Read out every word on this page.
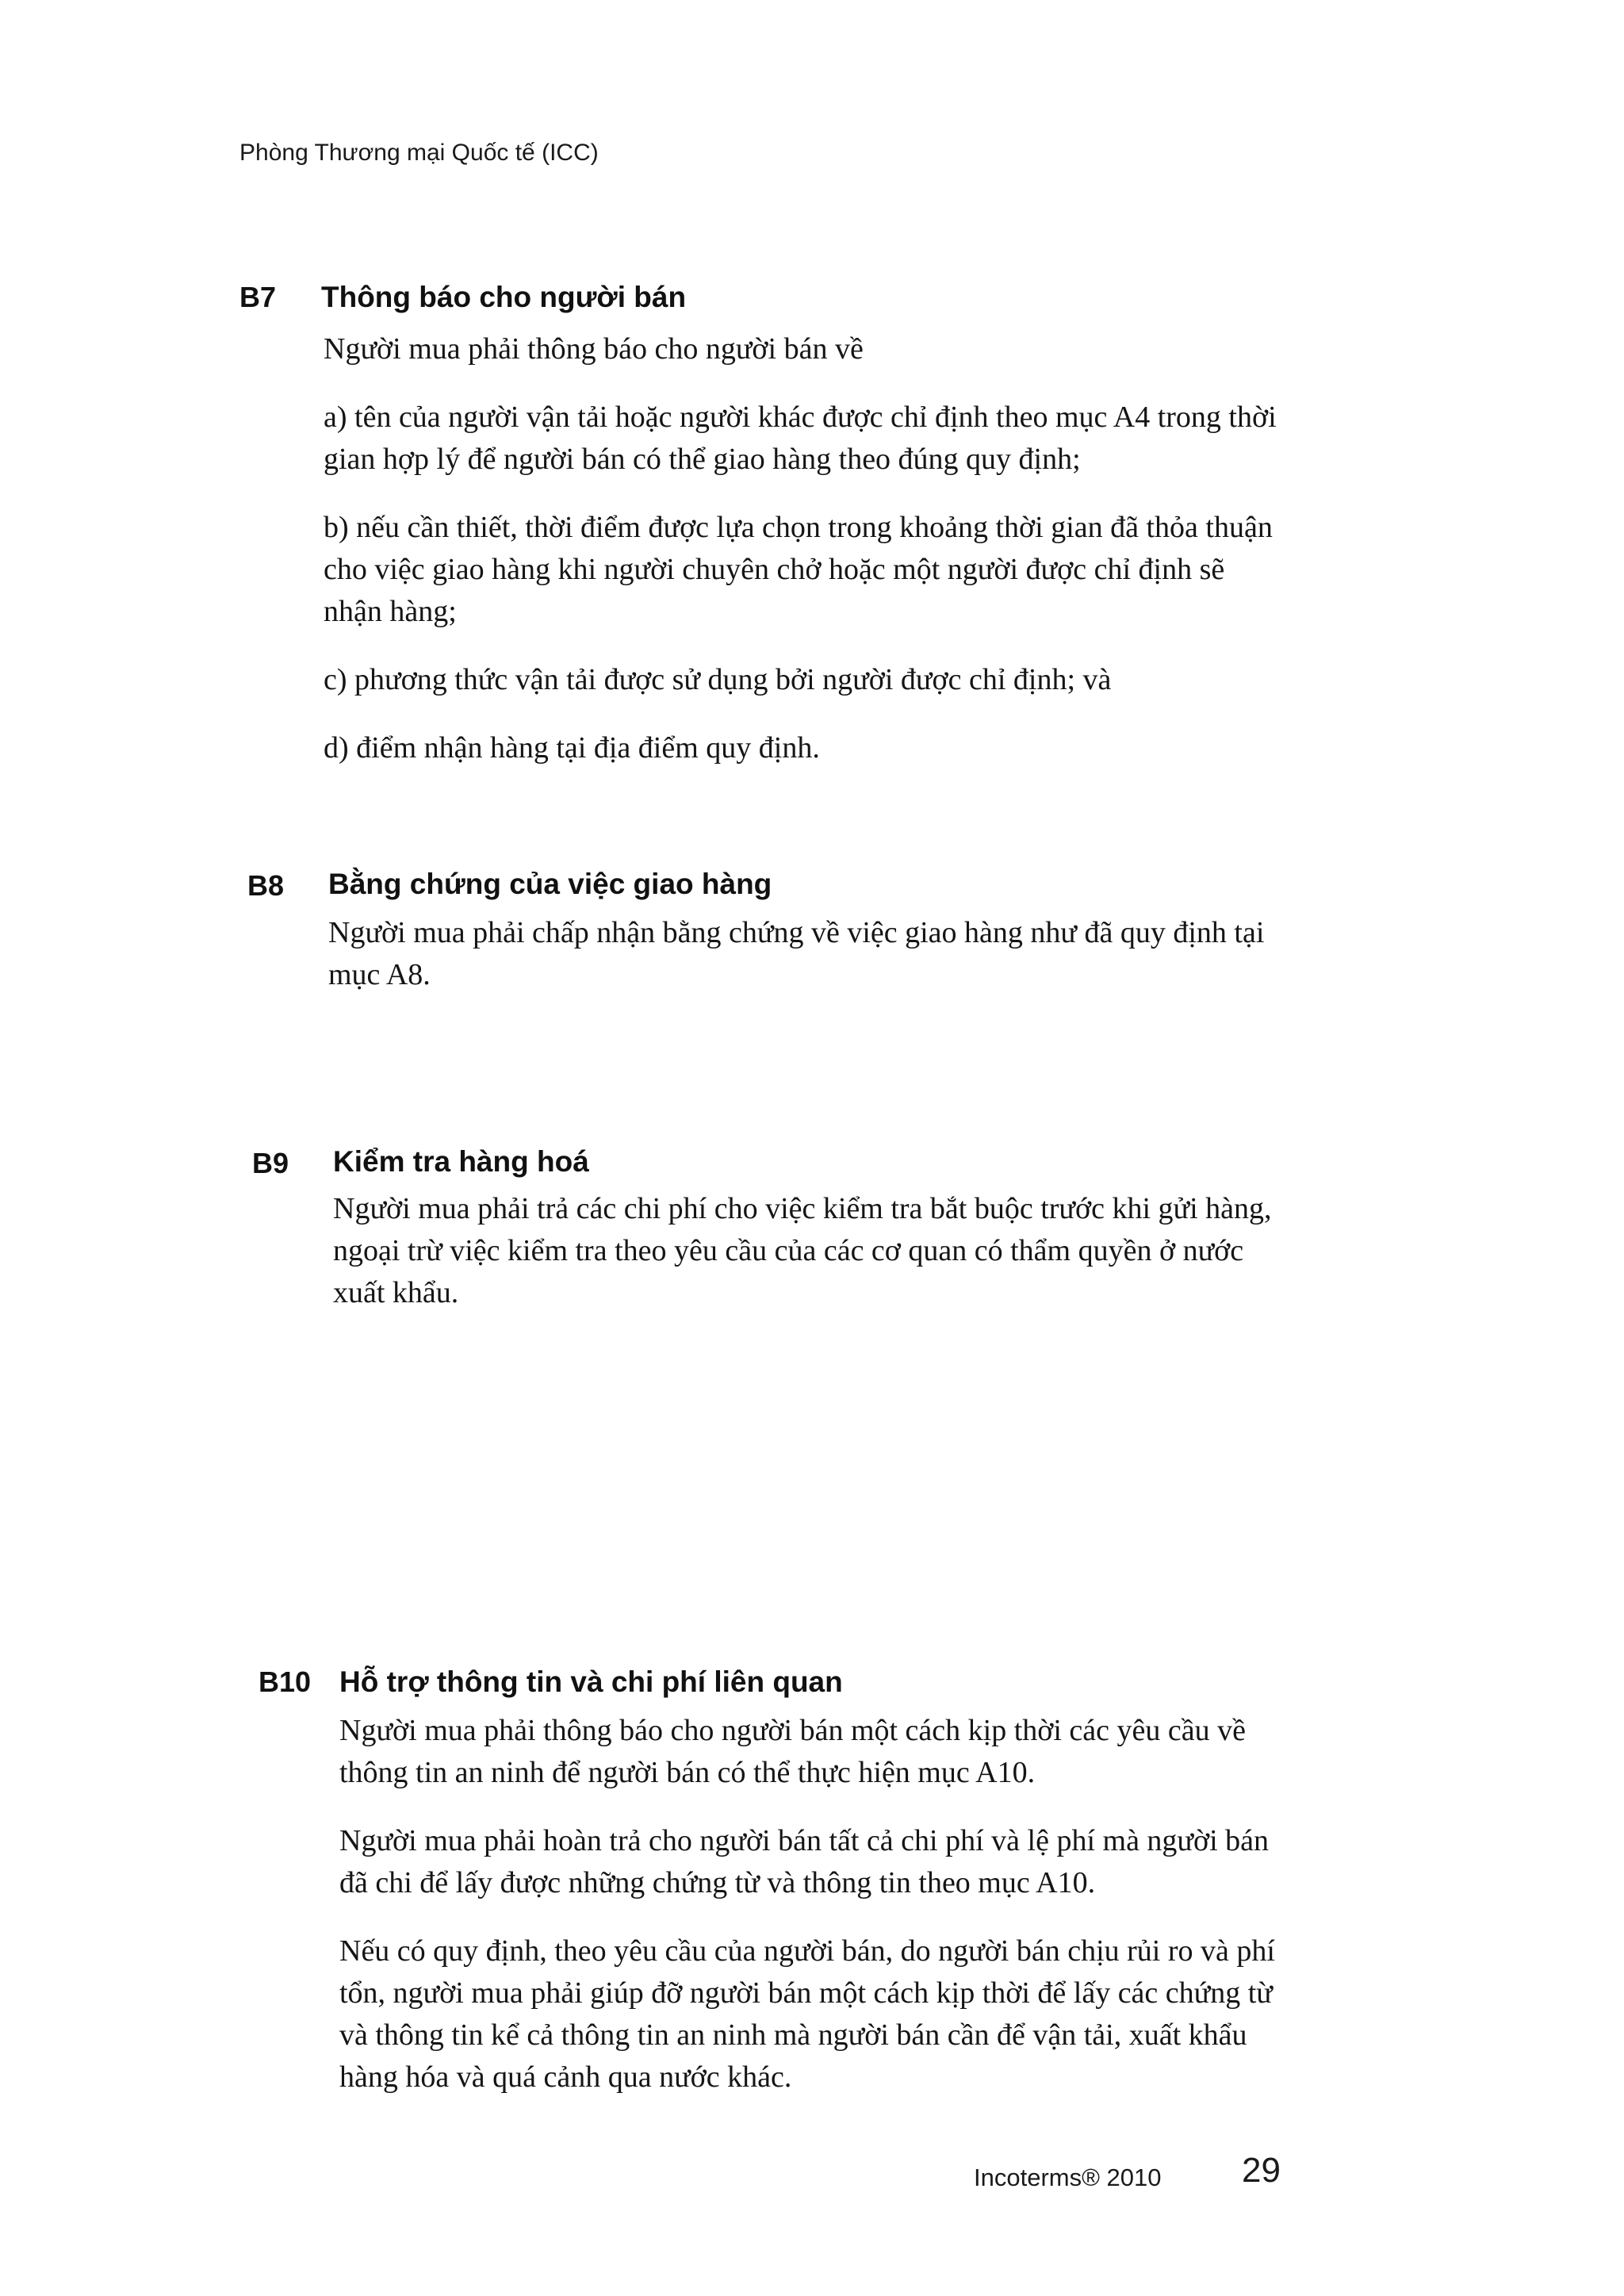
Phòng Thương mại Quốc tế (ICC)
B7 Thông báo cho người bán

Người mua phải thông báo cho người bán về

a) tên của người vận tải hoặc người khác được chỉ định theo mục A4 trong thời gian hợp lý để người bán có thể giao hàng theo đúng quy định;

b) nếu cần thiết, thời điểm được lựa chọn trong khoảng thời gian đã thỏa thuận cho việc giao hàng khi người chuyên chở hoặc một người được chỉ định sẽ nhận hàng;

c) phương thức vận tải được sử dụng bởi người được chỉ định; và

d) điểm nhận hàng tại địa điểm quy định.

B8 Bằng chứng của việc giao hàng

Người mua phải chấp nhận bằng chứng về việc giao hàng như đã quy định tại mục A8.

B9 Kiểm tra hàng hoá

Người mua phải trả các chi phí cho việc kiểm tra bắt buộc trước khi gửi hàng, ngoại trừ việc kiểm tra theo yêu cầu của các cơ quan có thẩm quyền ở nước xuất khẩu.

B10 Hỗ trợ thông tin và chi phí liên quan

Người mua phải thông báo cho người bán một cách kịp thời các yêu cầu về thông tin an ninh để người bán có thể thực hiện mục A10.

Người mua phải hoàn trả cho người bán tất cả chi phí và lệ phí mà người bán đã chi để lấy được những chứng từ và thông tin theo mục A10.

Nếu có quy định, theo yêu cầu của người bán, do người bán chịu rủi ro và phí tổn, người mua phải giúp đỡ người bán một cách kịp thời để lấy các chứng từ và thông tin kể cả thông tin an ninh mà người bán cần để vận tải, xuất khẩu hàng hóa và quá cảnh qua nước khác.

Incoterms® 2010 29
